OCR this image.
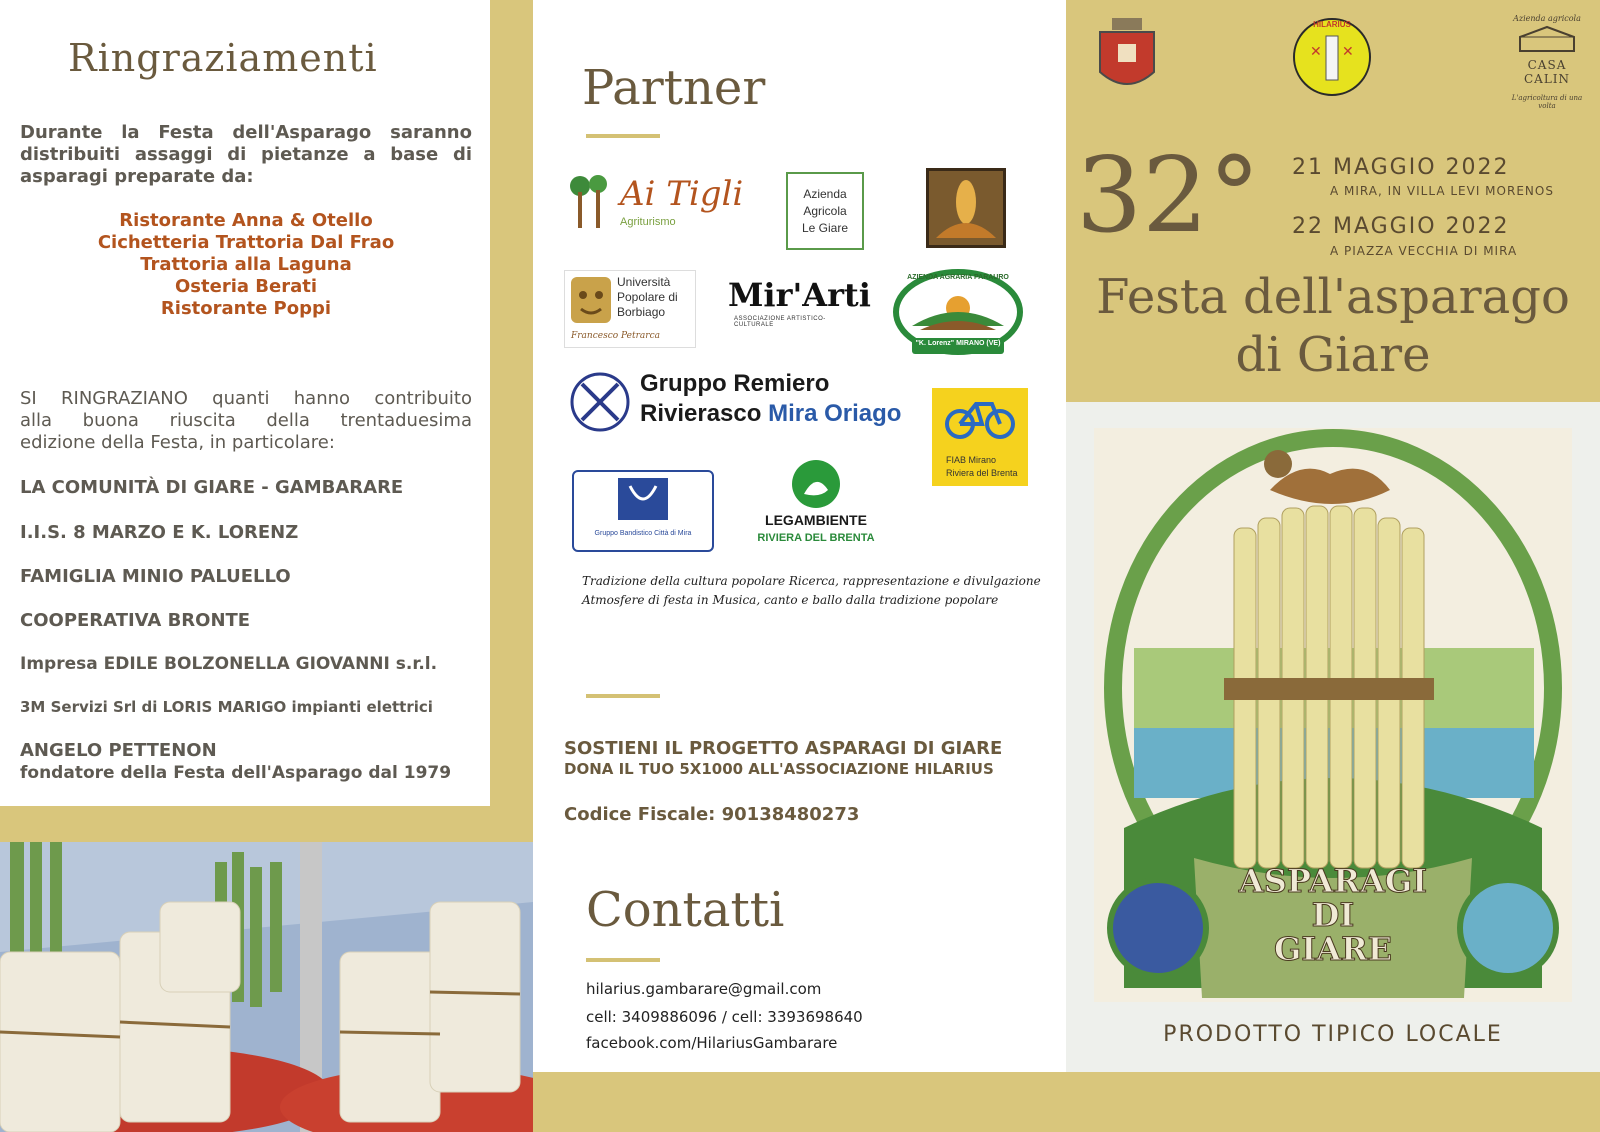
Ringraziamenti
Durante la Festa dell'Asparago saranno
distribuiti assaggi di pietanze a base di
asparagi preparate da:
Ristorante Anna & Otello
Cichetteria Trattoria Dal Frao
Trattoria alla Laguna
Osteria Berati
Ristorante Poppi
SI RINGRAZIANO quanti hanno contribuito
alla buona riuscita della trentaduesima
edizione della Festa, in particolare:
LA COMUNITÀ DI GIARE - GAMBARARE
I.I.S. 8 MARZO E K. LORENZ
FAMIGLIA MINIO PALUELLO
COOPERATIVA BRONTE
Impresa EDILE BOLZONELLA GIOVANNI s.r.l.
3M Servizi Srl di LORIS MARIGO impianti elettrici
ANGELO PETTENON
fondatore della Festa dell'Asparago dal 1979
Partner
Ai Tigli
Agriturismo
Azienda
Agricola
Le Giare
Università
Popolare di
Borbiago
Francesco Petrarca
Mir'Arti
ASSOCIAZIONE ARTISTICO-CULTURALE
AZIENDA AGRARIA PARAURO
"K. Lorenz" MIRANO (VE)
Gruppo Remiero
Rivierasco Mira Oriago
FIAB Mirano
Riviera del Brenta
Gruppo Bandistico Città di Mira
LEGAMBIENTE
RIVIERA DEL BRENTA
Tradizione della cultura popolare Ricerca, rappresentazione e divulgazione
Atmosfere di festa in Musica, canto e ballo dalla tradizione popolare
SOSTIENI IL PROGETTO ASPARAGI DI GIARE
DONA IL TUO 5X1000 ALL'ASSOCIAZIONE HILARIUS
Codice Fiscale: 90138480273
Contatti
hilarius.gambarare@gmail.com
cell: 3409886096 / cell: 3393698640
facebook.com/HilariusGambarare
✕ ✕
HILARIUS
Azienda agricola
CASA CALIN
L'agricoltura di una volta
32° 21 MAGGIO 2022
A MIRA, IN VILLA LEVI MORENOS
22 MAGGIO 2022
A PIAZZA VECCHIA DI MIRA
Festa dell'asparago
di Giare
ASPARAGI
DI
GIARE
PRODOTTO TIPICO LOCALE
